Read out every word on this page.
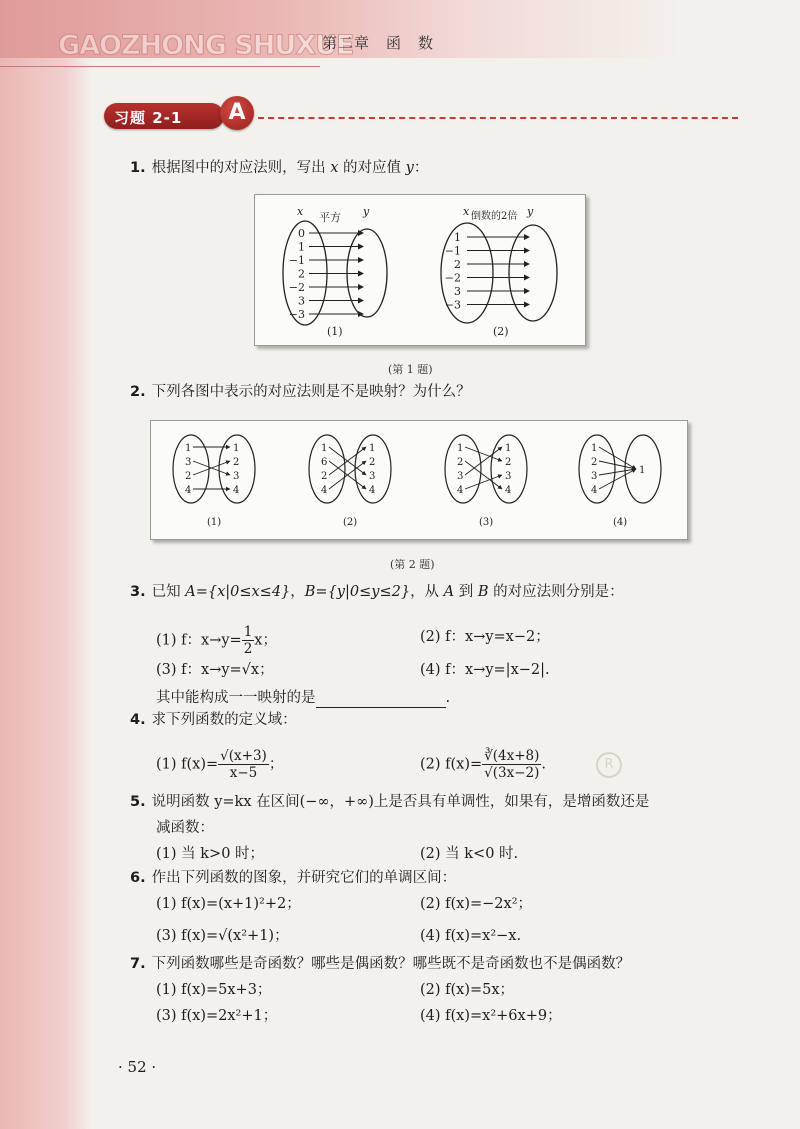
GAOZHONG SHUXUE
第二章　函　数
习题 2-1	A
1. 根据图中的对应法则，写出 x 的对应值 y：
x 平方 y
0
1
−1
2
−2
3
−3
(1)
x 倒数的2倍 y
1
−1
2
−2
3
−3
(2)
(第 1 题)
2. 下列各图中表示的对应法则是不是映射？为什么？
1
3
2
4
1
2
3
4
(1)
1
6
2
4
1
2
3
4
(2)
1
2
3
4
1
2
3
4
(3)
1
2
3
4
1
(4)
(第 2 题)
3. 已知 A={x|0≤x≤4}，B={y|0≤y≤2}，从 A 到 B 的对应法则分别是：
(1) f：$x\to y= \frac{1}{2}$ x；	(2) f：x→y=x−2；
(3) f：x→y=√x；	(4) f：x→y=|x−2|.
其中能构成一一映射的是	.
4. 求下列函数的定义域：
(1) $f(x)= \frac{√(x+3)}{x-5}$ ；	(2) $f(x)= \frac{∛(4x+8)}{√(3x-2)}$ .	R
5. 说明函数 y=kx 在区间(−∞，+∞)上是否具有单调性，如果有，是增函数还是
减函数：
(1) 当 k>0 时；	(2) 当 k<0 时.
6. 作出下列函数的图象，并研究它们的单调区间：
(1) f(x)=(x+1)²+2；	(2) f(x)=−2x²；
(3) f(x)=√(x²+1)；	(4) f(x)=x²−x.
7. 下列函数哪些是奇函数？哪些是偶函数？哪些既不是奇函数也不是偶函数？
(1) f(x)=5x+3；	(2) f(x)=5x；
(3) f(x)=2x²+1；	(4) f(x)=x²+6x+9；
· 52 ·
